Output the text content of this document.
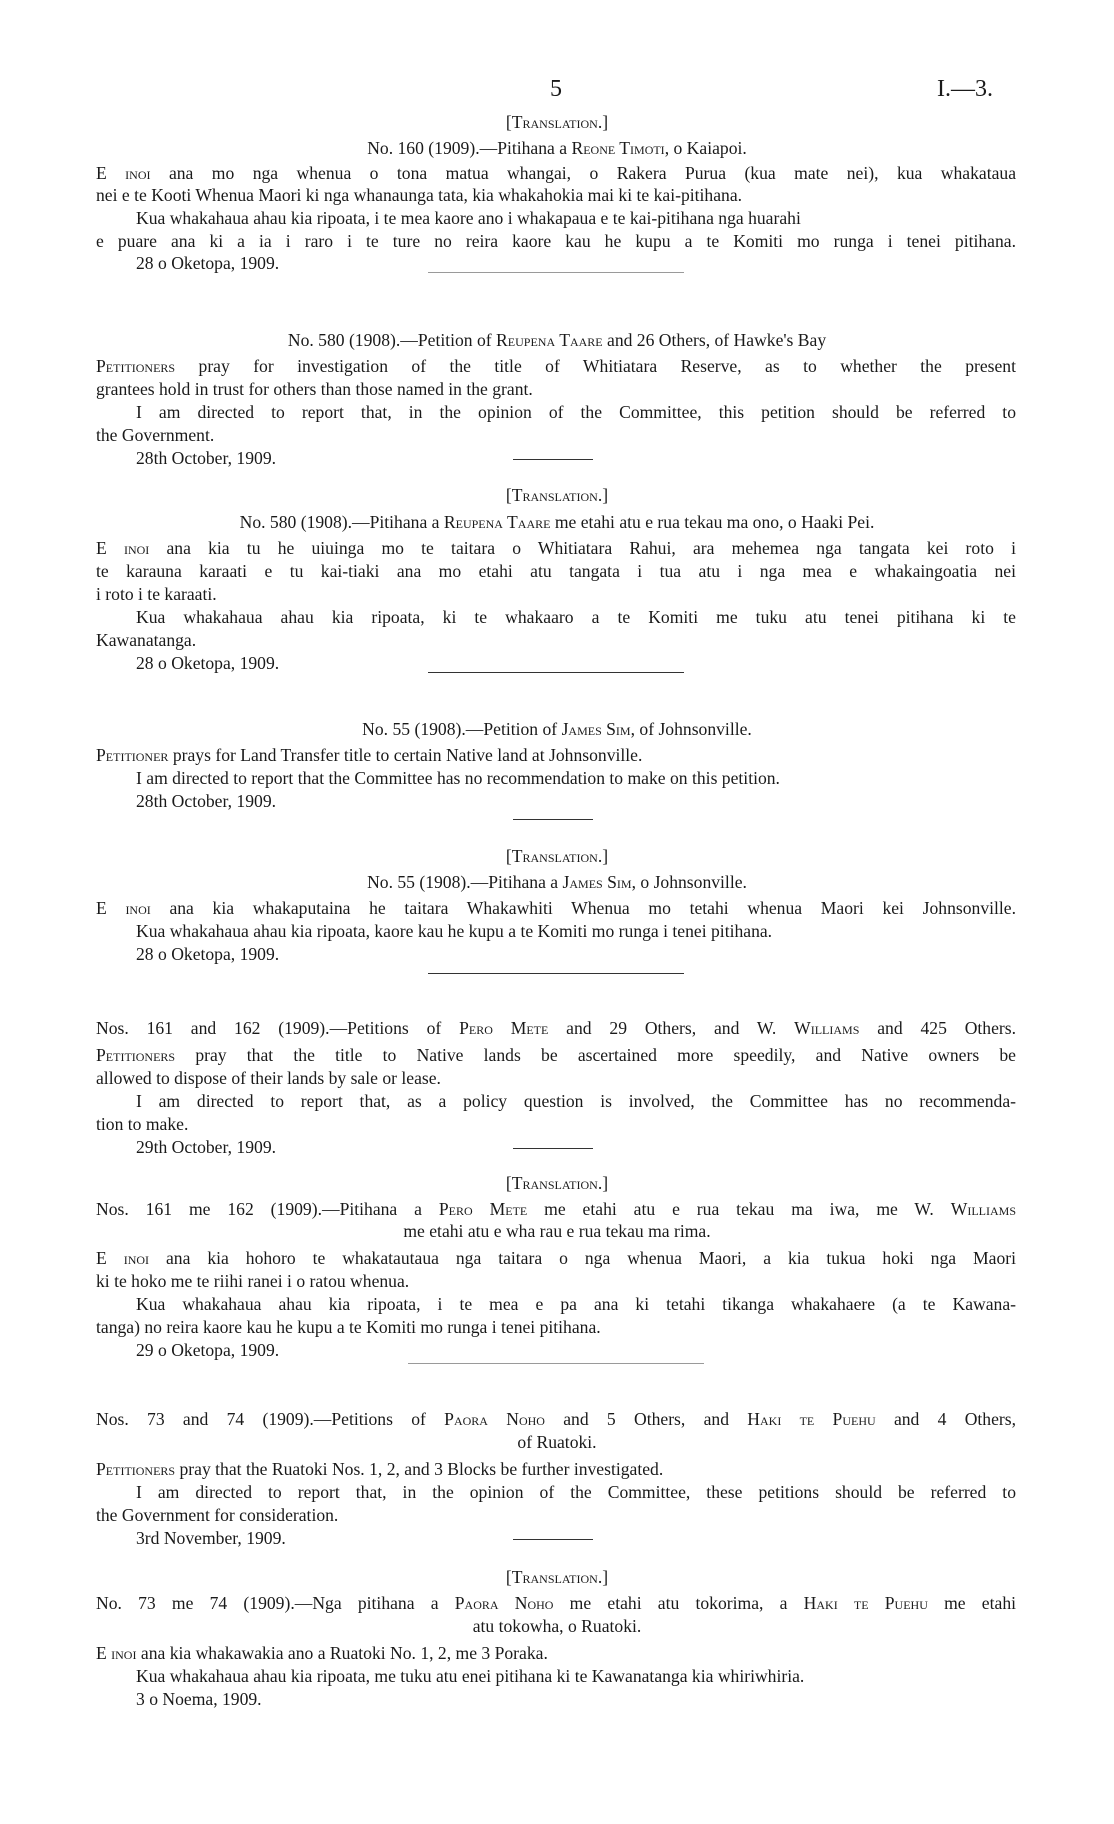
5	I.—3.
[Translation.]
No. 160 (1909).—Pitihana a Reone Timoti, o Kaiapoi.
E inoi ana mo nga whenua o tona matua whangai, o Rakera Purua (kua mate nei), kua whakataua
nei e te Kooti Whenua Maori ki nga whanaunga tata, kia whakahokia mai ki te kai-pitihana.
Kua whakahaua ahau kia ripoata, i te mea kaore ano i whakapaua e te kai-pitihana nga huarahi
e puare ana ki a ia i raro i te ture no reira kaore kau he kupu a te Komiti mo runga i tenei pitihana.
28 o Oketopa, 1909.
No. 580 (1908).—Petition of Reupena Taare and 26 Others, of Hawke's Bay
Petitioners pray for investigation of the title of Whitiatara Reserve, as to whether the present
grantees hold in trust for others than those named in the grant.
I am directed to report that, in the opinion of the Committee, this petition should be referred to
the Government.
28th October, 1909.
[Translation.]
No. 580 (1908).—Pitihana a Reupena Taare me etahi atu e rua tekau ma ono, o Haaki Pei.
E inoi ana kia tu he uiuinga mo te taitara o Whitiatara Rahui, ara mehemea nga tangata kei roto i
te karauna karaati e tu kai-tiaki ana mo etahi atu tangata i tua atu i nga mea e whakaingoatia nei
i roto i te karaati.
Kua whakahaua ahau kia ripoata, ki te whakaaro a te Komiti me tuku atu tenei pitihana ki te
Kawanatanga.
28 o Oketopa, 1909.
No. 55 (1908).—Petition of James Sim, of Johnsonville.
Petitioner prays for Land Transfer title to certain Native land at Johnsonville.
I am directed to report that the Committee has no recommendation to make on this petition.
28th October, 1909.
[Translation.]
No. 55 (1908).—Pitihana a James Sim, o Johnsonville.
E inoi ana kia whakaputaina he taitara Whakawhiti Whenua mo tetahi whenua Maori kei Johnsonville.
Kua whakahaua ahau kia ripoata, kaore kau he kupu a te Komiti mo runga i tenei pitihana.
28 o Oketopa, 1909.
Nos. 161 and 162 (1909).—Petitions of Pero Mete and 29 Others, and W. Williams and 425 Others.
Petitioners pray that the title to Native lands be ascertained more speedily, and Native owners be
allowed to dispose of their lands by sale or lease.
I am directed to report that, as a policy question is involved, the Committee has no recommenda-
tion to make.
29th October, 1909.
[Translation.]
Nos. 161 me 162 (1909).—Pitihana a Pero Mete me etahi atu e rua tekau ma iwa, me W. Williams
me etahi atu e wha rau e rua tekau ma rima.
E inoi ana kia hohoro te whakatautaua nga taitara o nga whenua Maori, a kia tukua hoki nga Maori
ki te hoko me te riihi ranei i o ratou whenua.
Kua whakahaua ahau kia ripoata, i te mea e pa ana ki tetahi tikanga whakahaere (a te Kawana-
tanga) no reira kaore kau he kupu a te Komiti mo runga i tenei pitihana.
29 o Oketopa, 1909.
Nos. 73 and 74 (1909).—Petitions of Paora Noho and 5 Others, and Haki te Puehu and 4 Others,
of Ruatoki.
Petitioners pray that the Ruatoki Nos. 1, 2, and 3 Blocks be further investigated.
I am directed to report that, in the opinion of the Committee, these petitions should be referred to
the Government for consideration.
3rd November, 1909.
[Translation.]
No. 73 me 74 (1909).—Nga pitihana a Paora Noho me etahi atu tokorima, a Haki te Puehu me etahi
atu tokowha, o Ruatoki.
E inoi ana kia whakawakia ano a Ruatoki No. 1, 2, me 3 Poraka.
Kua whakahaua ahau kia ripoata, me tuku atu enei pitihana ki te Kawanatanga kia whiriwhiria.
3 o Noema, 1909.
